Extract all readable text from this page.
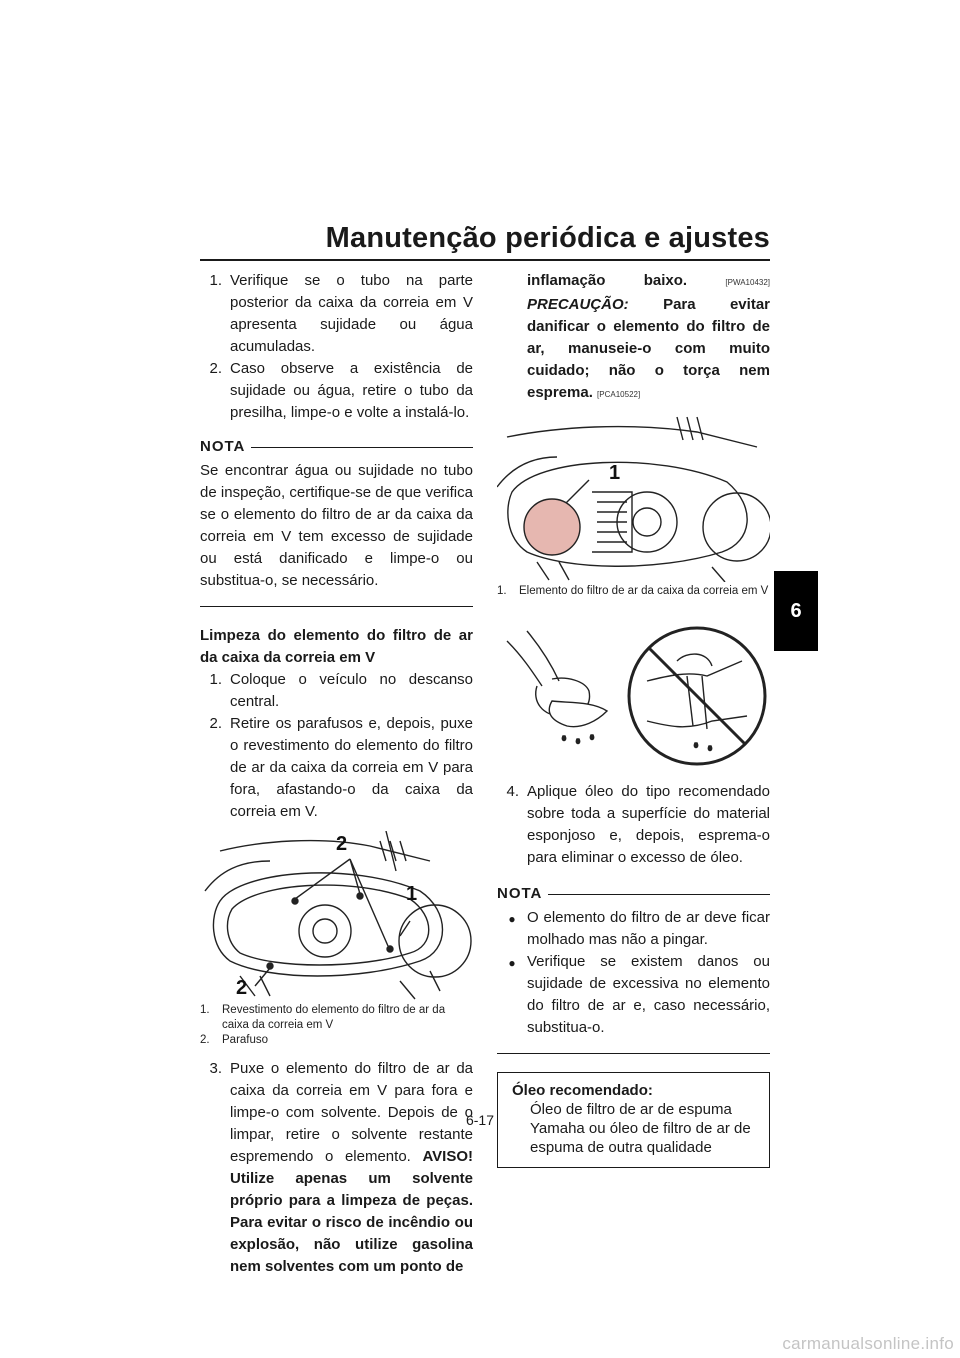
Manutenção periódica e ajustes
6
1. Verifique se o tubo na parte posterior da caixa da correia em V apresenta sujidade ou água acumuladas.
2. Caso observe a existência de sujidade ou água, retire o tubo da presilha, limpe-o e volte a instalá-lo.
NOTA
Se encontrar água ou sujidade no tubo de inspeção, certifique-se de que verifica se o elemento do filtro de ar da caixa da correia em V tem excesso de sujidade ou está danificado e limpe-o ou substitua-o, se necessário.
Limpeza do elemento do filtro de ar da caixa da correia em V
1. Coloque o veículo no descanso central.
2. Retire os parafusos e, depois, puxe o revestimento do elemento do filtro de ar da caixa da correia em V para fora, afastando-o da caixa da correia em V.
2
1
2
1.	Revestimento do elemento do filtro de ar da caixa da correia em V
2.	Parafuso
3. Puxe o elemento do filtro de ar da caixa da correia em V para fora e limpe-o com solvente. Depois de o limpar, retire o solvente restante espremendo o elemento. AVISO! Utilize apenas um solvente próprio para a limpeza de peças. Para evitar o risco de incêndio ou explosão, não utilize gasolina nem solventes com um ponto de
inflamação baixo.	[PWA10432] PRECAUÇÃO: Para evitar danificar o elemento do filtro de ar, manuseie-o com muito cuidado; não o torça nem esprema. [PCA10522]
1
1.	Elemento do filtro de ar da caixa da correia em V
4. Aplique óleo do tipo recomendado sobre toda a superfície do material esponjoso e, depois, esprema-o para eliminar o excesso de óleo.
NOTA
● O elemento do filtro de ar deve ficar molhado mas não a pingar.
● Verifique se existem danos ou sujidade de excessiva no elemento do filtro de ar e, caso necessário, substitua-o.
Óleo recomendado:
Óleo de filtro de ar de espuma Yamaha ou óleo de filtro de ar de espuma de outra qualidade
6-17
carmanualsonline.info
